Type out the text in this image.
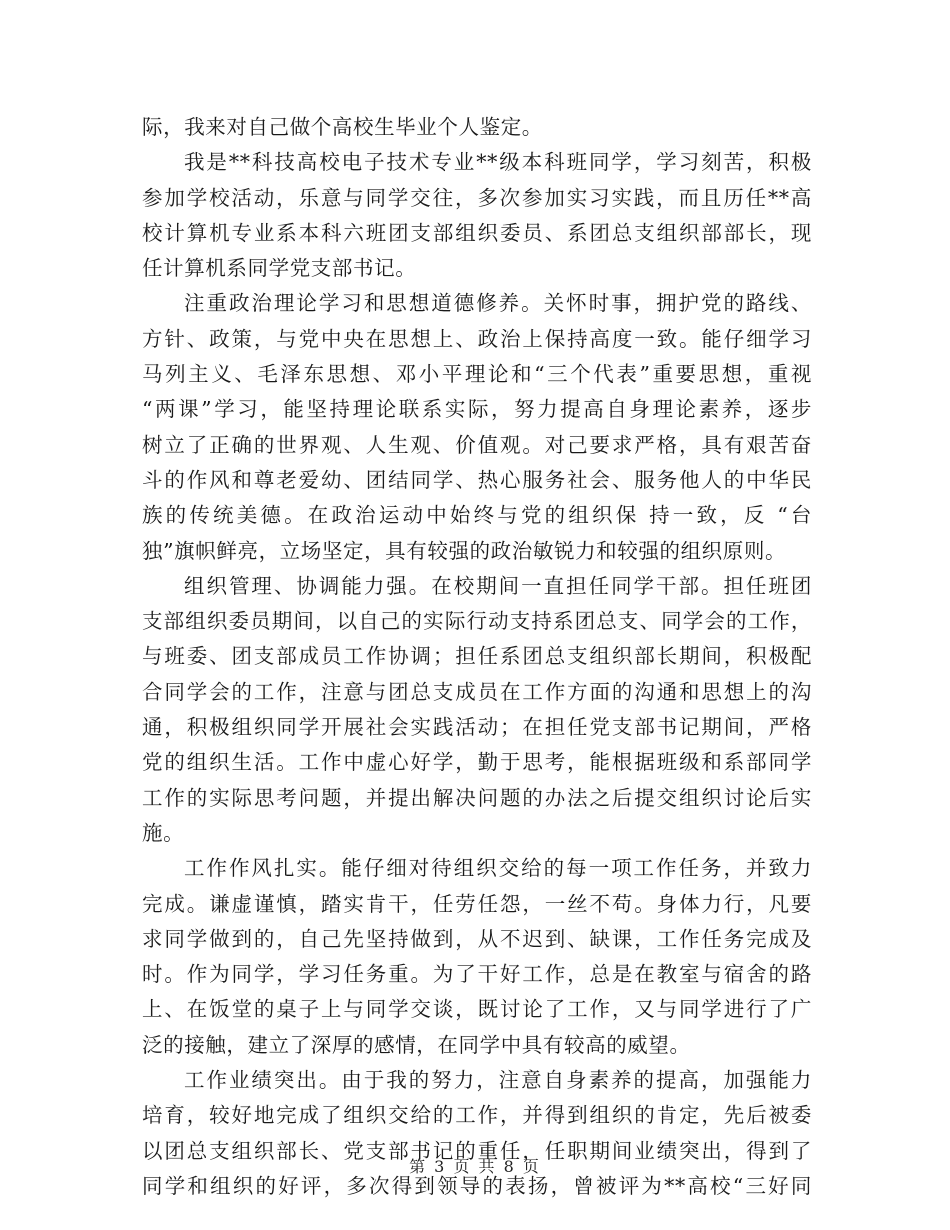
际，我来对自己做个高校生毕业个人鉴定。
我是**科技高校电子技术专业**级本科班同学，学习刻苦，积极
参加学校活动，乐意与同学交往，多次参加实习实践，而且历任**高
校计算机专业系本科六班团支部组织委员、系团总支组织部部长，现
任计算机系同学党支部书记。
注重政治理论学习和思想道德修养。关怀时事，拥护党的路线、
方针、政策，与党中央在思想上、政治上保持高度一致。能仔细学习
马列主义、毛泽东思想、邓小平理论和“三个代表”重要思想，重视
“两课”学习，能坚持理论联系实际，努力提高自身理论素养，逐步
树立了正确的世界观、人生观、价值观。对己要求严格，具有艰苦奋
斗的作风和尊老爱幼、团结同学、热心服务社会、服务他人的中华民
族的传统美德。在政治运动中始终与党的组织保 持一致，反 “台
独”旗帜鲜亮，立场坚定，具有较强的政治敏锐力和较强的组织原则。
组织管理、协调能力强。在校期间一直担任同学干部。担任班团
支部组织委员期间，以自己的实际行动支持系团总支、同学会的工作，
与班委、团支部成员工作协调；担任系团总支组织部长期间，积极配
合同学会的工作，注意与团总支成员在工作方面的沟通和思想上的沟
通，积极组织同学开展社会实践活动；在担任党支部书记期间，严格
党的组织生活。工作中虚心好学，勤于思考，能根据班级和系部同学
工作的实际思考问题，并提出解决问题的办法之后提交组织讨论后实
施。
工作作风扎实。能仔细对待组织交给的每一项工作任务，并致力
完成。谦虚谨慎，踏实肯干，任劳任怨，一丝不苟。身体力行，凡要
求同学做到的，自己先坚持做到，从不迟到、缺课，工作任务完成及
时。作为同学，学习任务重。为了干好工作，总是在教室与宿舍的路
上、在饭堂的桌子上与同学交谈，既讨论了工作，又与同学进行了广
泛的接触，建立了深厚的感情，在同学中具有较高的威望。
工作业绩突出。由于我的努力，注意自身素养的提高，加强能力
培育，较好地完成了组织交给的工作，并得到组织的肯定，先后被委
以团总支组织部长、党支部书记的重任，任职期间业绩突出，得到了
同学和组织的好评，多次得到领导的表扬，曾被评为**高校“三好同
第 3 页 共 8 页
